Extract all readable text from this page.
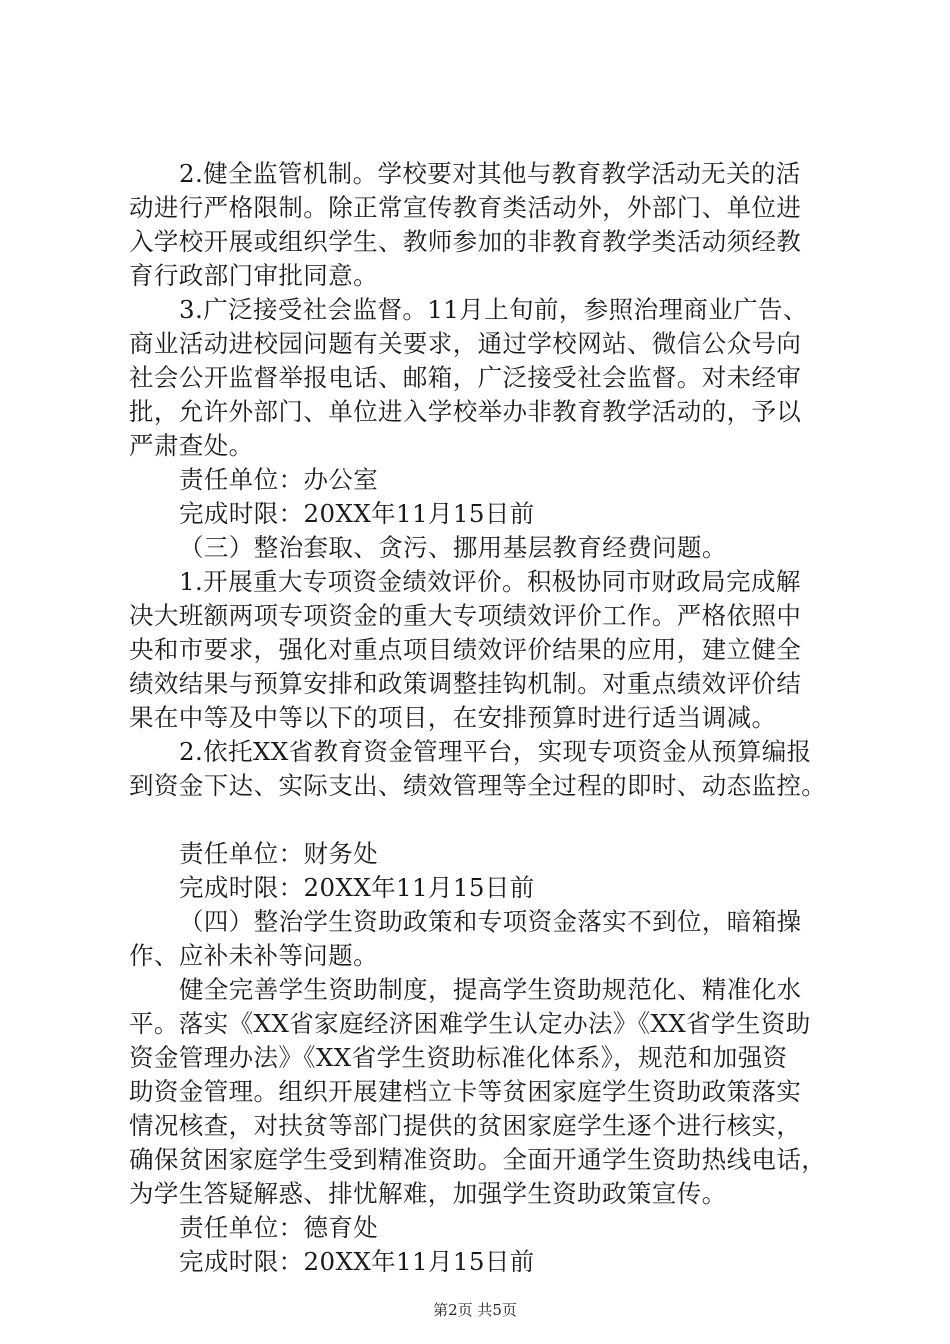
2.健全监管机制。学校要对其他与教育教学活动无关的活
动进行严格限制。除正常宣传教育类活动外，外部门、单位进
入学校开展或组织学生、教师参加的非教育教学类活动须经教
育行政部门审批同意。
3.广泛接受社会监督。11月上旬前，参照治理商业广告、
商业活动进校园问题有关要求，通过学校网站、微信公众号向
社会公开监督举报电话、邮箱，广泛接受社会监督。对未经审
批，允许外部门、单位进入学校举办非教育教学活动的，予以
严肃查处。
责任单位：办公室
完成时限：20XX年11月15日前
（三）整治套取、贪污、挪用基层教育经费问题。
1.开展重大专项资金绩效评价。积极协同市财政局完成解
决大班额两项专项资金的重大专项绩效评价工作。严格依照中
央和市要求，强化对重点项目绩效评价结果的应用，建立健全
绩效结果与预算安排和政策调整挂钩机制。对重点绩效评价结
果在中等及中等以下的项目，在安排预算时进行适当调减。
2.依托XX省教育资金管理平台，实现专项资金从预算编报
到资金下达、实际支出、绩效管理等全过程的即时、动态监控。
责任单位：财务处
完成时限：20XX年11月15日前
（四）整治学生资助政策和专项资金落实不到位，暗箱操
作、应补未补等问题。
健全完善学生资助制度，提高学生资助规范化、精准化水
平。落实《XX省家庭经济困难学生认定办法》《XX省学生资助
资金管理办法》《XX省学生资助标准化体系》，规范和加强资
助资金管理。组织开展建档立卡等贫困家庭学生资助政策落实
情况核查，对扶贫等部门提供的贫困家庭学生逐个进行核实，
确保贫困家庭学生受到精准资助。全面开通学生资助热线电话，
为学生答疑解惑、排忧解难，加强学生资助政策宣传。
责任单位：德育处
完成时限：20XX年11月15日前
第2页 共5页
